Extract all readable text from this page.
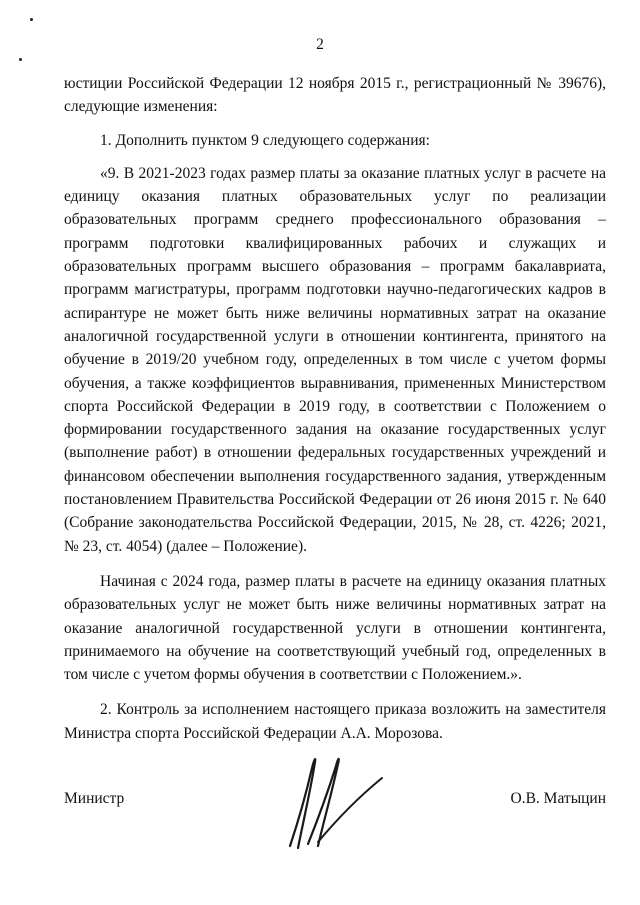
2

юстиции Российской Федерации 12 ноября 2015 г., регистрационный № 39676), следующие изменения:

1. Дополнить пунктом 9 следующего содержания:

«9. В 2021-2023 годах размер платы за оказание платных услуг в расчете на единицу оказания платных образовательных услуг по реализации образовательных программ среднего профессионального образования – программ подготовки квалифицированных рабочих и служащих и образовательных программ высшего образования – программ бакалавриата, программ магистратуры, программ подготовки научно-педагогических кадров в аспирантуре не может быть ниже величины нормативных затрат на оказание аналогичной государственной услуги в отношении контингента, принятого на обучение в 2019/20 учебном году, определенных в том числе с учетом формы обучения, а также коэффициентов выравнивания, примененных Министерством спорта Российской Федерации в 2019 году, в соответствии с Положением о формировании государственного задания на оказание государственных услуг (выполнение работ) в отношении федеральных государственных учреждений и финансовом обеспечении выполнения государственного задания, утвержденным постановлением Правительства Российской Федерации от 26 июня 2015 г. № 640 (Собрание законодательства Российской Федерации, 2015, № 28, ст. 4226; 2021, № 23, ст. 4054) (далее – Положение).

Начиная с 2024 года, размер платы в расчете на единицу оказания платных образовательных услуг не может быть ниже величины нормативных затрат на оказание аналогичной государственной услуги в отношении контингента, принимаемого на обучение на соответствующий учебный год, определенных в том числе с учетом формы обучения в соответствии с Положением.».

2. Контроль за исполнением настоящего приказа возложить на заместителя Министра спорта Российской Федерации А.А. Морозова.

Министр	О.В. Матыцин
